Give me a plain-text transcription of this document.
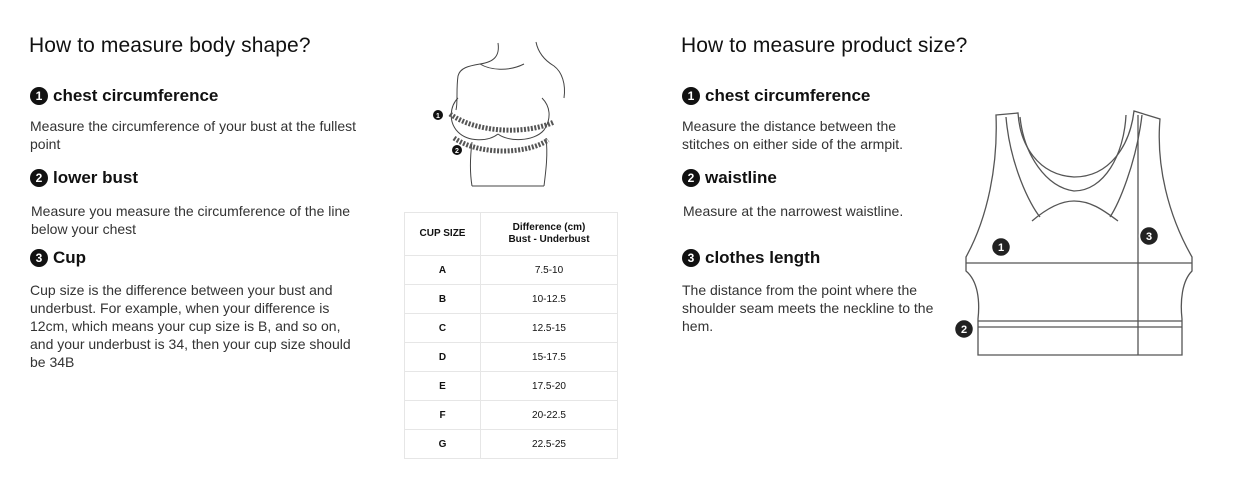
How to measure body shape?
1 chest circumference
Measure the circumference of your bust at the fullest point
2 lower bust
Measure you measure the circumference of the line below your chest
3 Cup
Cup size is the difference between your bust and underbust. For example, when your difference is 12cm, which means your cup size is B, and so on, and your underbust is 34, then your cup size should be 34B
1
2
CUP SIZE	Difference (cm)
Bust - Underbust

A	7.5-10
B	10-12.5
C	12.5-15
D	15-17.5
E	17.5-20
F	20-22.5
G	22.5-25
How to measure product size?
1 chest circumference
Measure the distance between the stitches on either side of the armpit.
2 waistline
Measure at the narrowest waistline.
3 clothes length
The distance from the point where the shoulder seam meets the neckline to the hem.
1
2
3
